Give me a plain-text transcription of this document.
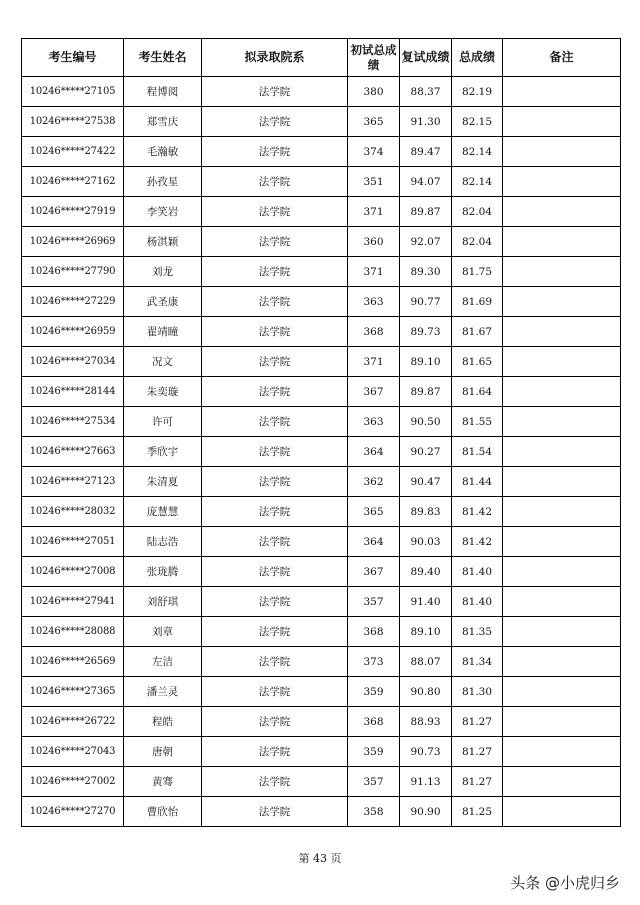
考生编号	考生姓名	拟录取院系	初试总成绩	复试成绩	总成绩	备注
10246*****27105	程博阅	法学院	380	88.37	82.19	
10246*****27538	郑雪庆	法学院	365	91.30	82.15	
10246*****27422	毛瀚敏	法学院	374	89.47	82.14	
10246*****27162	孙孜星	法学院	351	94.07	82.14	
10246*****27919	李笑岩	法学院	371	89.87	82.04	
10246*****26969	杨淇颖	法学院	360	92.07	82.04	
10246*****27790	刘龙	法学院	371	89.30	81.75	
10246*****27229	武圣康	法学院	363	90.77	81.69	
10246*****26959	翟靖瞳	法学院	368	89.73	81.67	
10246*****27034	况文	法学院	371	89.10	81.65	
10246*****28144	朱奕璇	法学院	367	89.87	81.64	
10246*****27534	许可	法学院	363	90.50	81.55	
10246*****27663	季欣宇	法学院	364	90.27	81.54	
10246*****27123	朱清夏	法学院	362	90.47	81.44	
10246*****28032	庞慧慧	法学院	365	89.83	81.42	
10246*****27051	陆志浩	法学院	364	90.03	81.42	
10246*****27008	张珑腾	法学院	367	89.40	81.40	
10246*****27941	刘舒琪	法学院	357	91.40	81.40	
10246*****28088	刘章	法学院	368	89.10	81.35	
10246*****26569	左洁	法学院	373	88.07	81.34	
10246*****27365	潘兰灵	法学院	359	90.80	81.30	
10246*****26722	程皓	法学院	368	88.93	81.27	
10246*****27043	唐朝	法学院	359	90.73	81.27	
10246*****27002	黄骞	法学院	357	91.13	81.27	
10246*****27270	曹欣怡	法学院	358	90.90	81.25	
第 43 页
头条 @小虎归乡
